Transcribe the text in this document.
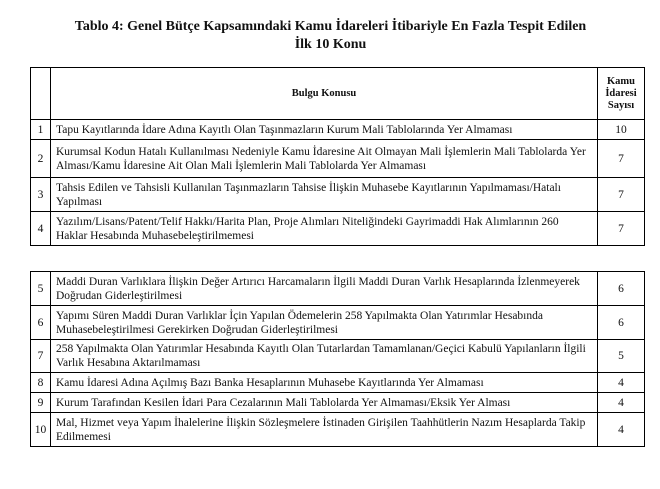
Tablo 4: Genel Bütçe Kapsamındaki Kamu İdareleri İtibariyle En Fazla Tespit Edilen
İlk 10 Konu
	Bulgu Konusu	Kamu
İdaresi
Sayısı

1	Tapu Kayıtlarında İdare Adına Kayıtlı Olan Taşınmazların Kurum Mali Tablolarında Yer Almaması	10
2	Kurumsal Kodun Hatalı Kullanılması Nedeniyle Kamu İdaresine Ait Olmayan Mali İşlemlerin Mali Tablolarda Yer Alması/Kamu İdaresine Ait Olan Mali İşlemlerin Mali Tablolarda Yer Almaması	7
3	Tahsis Edilen ve Tahsisli Kullanılan Taşınmazların Tahsise İlişkin Muhasebe Kayıtlarının Yapılmaması/Hatalı Yapılması	7
4	Yazılım/Lisans/Patent/Telif Hakkı/Harita Plan, Proje Alımları Niteliğindeki Gayrimaddi Hak Alımlarının 260 Haklar Hesabında Muhasebeleştirilmemesi	7
5	Maddi Duran Varlıklara İlişkin Değer Artırıcı Harcamaların İlgili Maddi Duran Varlık Hesaplarında İzlenmeyerek Doğrudan Giderleştirilmesi	6
6	Yapımı Süren Maddi Duran Varlıklar İçin Yapılan Ödemelerin 258 Yapılmakta Olan Yatırımlar Hesabında Muhasebeleştirilmesi Gerekirken Doğrudan Giderleştirilmesi	6
7	258 Yapılmakta Olan Yatırımlar Hesabında Kayıtlı Olan Tutarlardan Tamamlanan/Geçici Kabulü Yapılanların İlgili Varlık Hesabına Aktarılmaması	5
8	Kamu İdaresi Adına Açılmış Bazı Banka Hesaplarının Muhasebe Kayıtlarında Yer Almaması	4
9	Kurum Tarafından Kesilen İdari Para Cezalarının Mali Tablolarda Yer Almaması/Eksik Yer Alması	4
10	Mal, Hizmet veya Yapım İhalelerine İlişkin Sözleşmelere İstinaden Girişilen Taahhütlerin Nazım Hesaplarda Takip Edilmemesi	4
